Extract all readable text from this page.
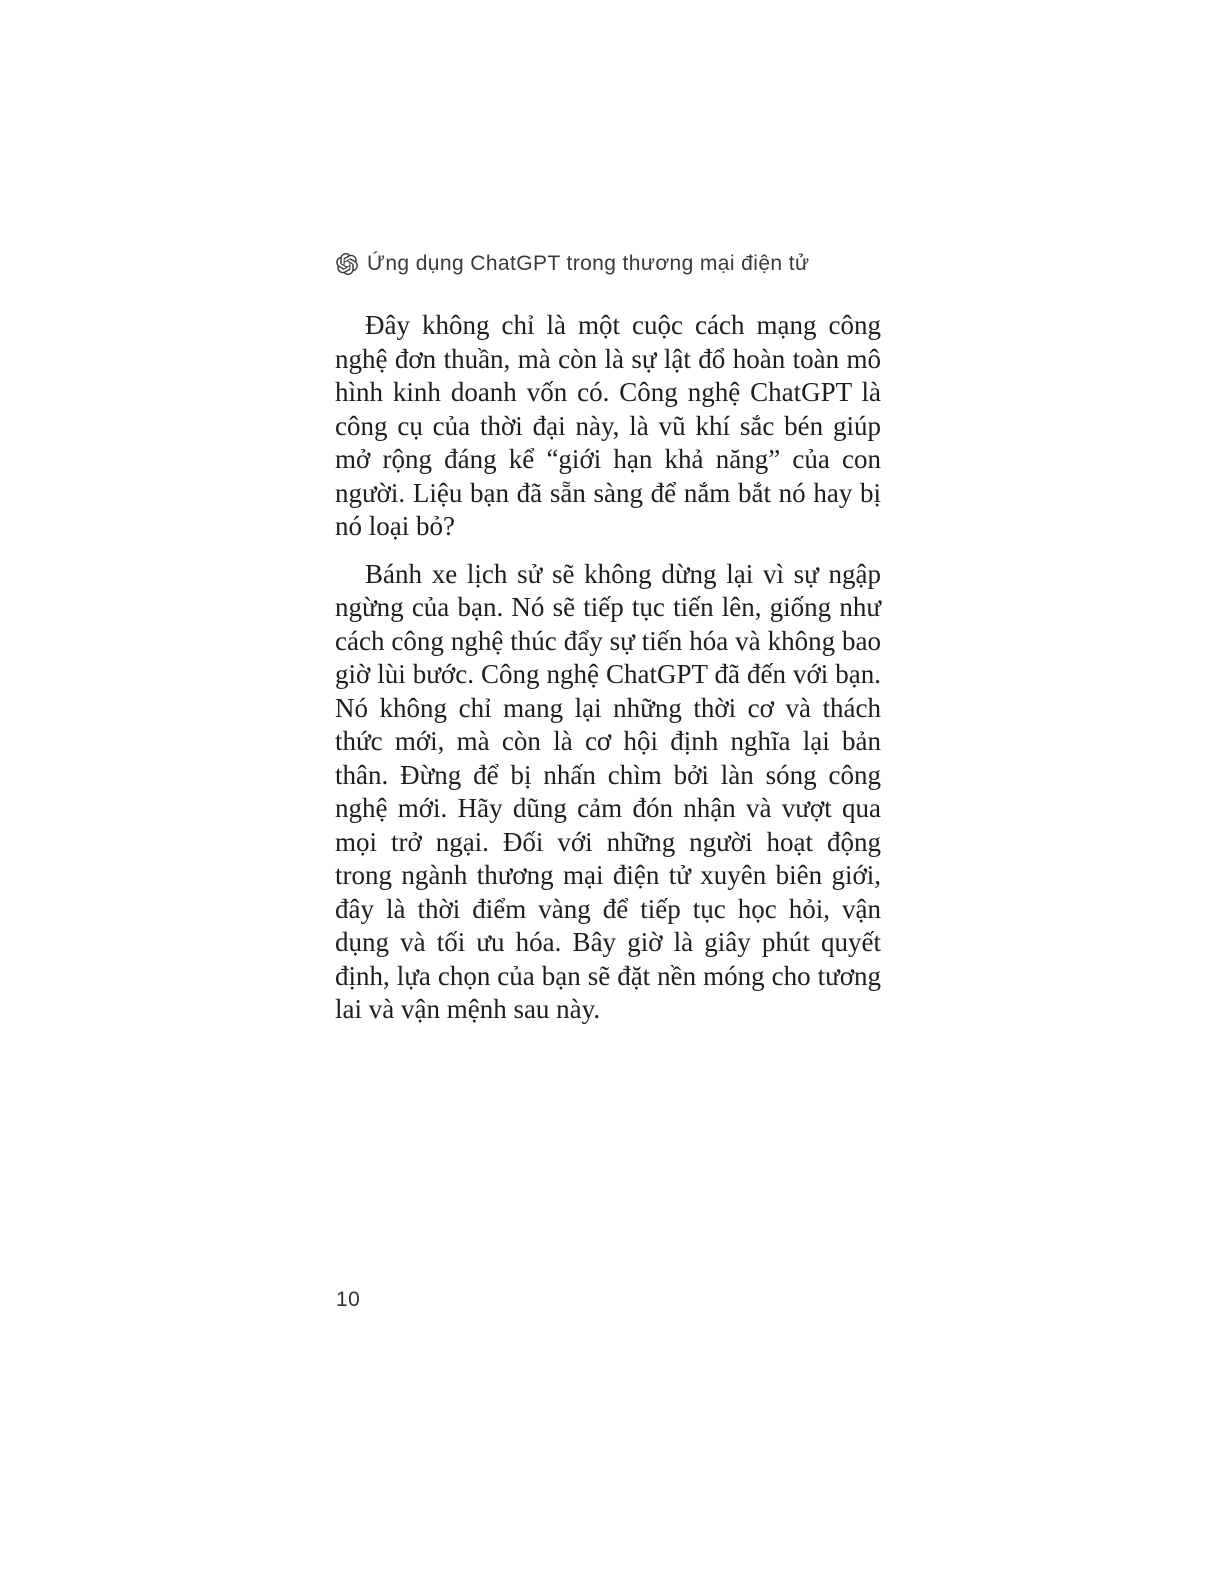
Ứng dụng ChatGPT trong thương mại điện tử

Đây không chỉ là một cuộc cách mạng công nghệ đơn thuần, mà còn là sự lật đổ hoàn toàn mô hình kinh doanh vốn có. Công nghệ ChatGPT là công cụ của thời đại này, là vũ khí sắc bén giúp mở rộng đáng kể “giới hạn khả năng” của con người. Liệu bạn đã sẵn sàng để nắm bắt nó hay bị nó loại bỏ?

Bánh xe lịch sử sẽ không dừng lại vì sự ngập ngừng của bạn. Nó sẽ tiếp tục tiến lên, giống như cách công nghệ thúc đẩy sự tiến hóa và không bao giờ lùi bước. Công nghệ ChatGPT đã đến với bạn. Nó không chỉ mang lại những thời cơ và thách thức mới, mà còn là cơ hội định nghĩa lại bản thân. Đừng để bị nhấn chìm bởi làn sóng công nghệ mới. Hãy dũng cảm đón nhận và vượt qua mọi trở ngại. Đối với những người hoạt động trong ngành thương mại điện tử xuyên biên giới, đây là thời điểm vàng để tiếp tục học hỏi, vận dụng và tối ưu hóa. Bây giờ là giây phút quyết định, lựa chọn của bạn sẽ đặt nền móng cho tương lai và vận mệnh sau này.

10
